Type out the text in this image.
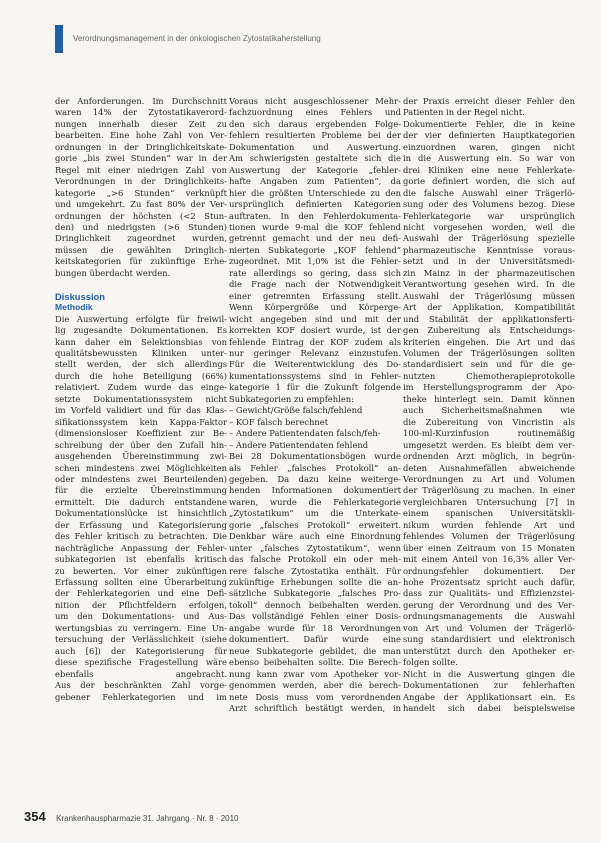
Verordnungsmanagement in der onkologischen Zytostatikaherstellung
der Anforderungen. Im Durchschnitt
waren 14% der Zytostatikaverord-
nungen innerhalb dieser Zeit zu
bearbeiten. Eine hohe Zahl von Ver-
ordnungen in der Dringlichkeitskate-
gorie „bis zwei Stunden“ war in der
Regel mit einer niedrigen Zahl von
Verordnungen in der Dringlichkeits-
kategorie „>6 Stunden“ verknüpft
und umgekehrt. Zu fast 80% der Ver-
ordnungen der höchsten (<2 Stun-
den) und niedrigsten (>6 Stunden)
Dringlichkeit zugeordnet wurden,
müssen die gewählten Dringlich-
keitskategorien für zukünftige Erhe-
bungen überdacht werden.

Diskussion
Methodik
Die Auswertung erfolgte für freiwil-
lig zugesandte Dokumentationen. Es
kann daher ein Selektionsbias von
qualitätsbewussten Kliniken unter-
stellt werden, der sich allerdings
durch die hohe Beteiligung (66%)
relativiert. Zudem wurde das einge-
setzte Dokumentationssystem nicht
im Vorfeld validiert und für das Klas-
sifikationssystem kein Kappa-Faktor
(dimensionsloser Koeffizient zur Be-
schreibung der über den Zufall hin-
ausgehenden Übereinstimmung zwi-
schen mindestens zwei Möglichkeiten
oder mindestens zwei Beurteilenden)
für die erzielte Übereinstimmung
ermittelt. Die dadurch entstandene
Dokumentationslücke ist hinsichtlich
der Erfassung und Kategorisierung
des Fehler kritisch zu betrachten. Die
nachträgliche Anpassung der Fehler-
subkategorien ist ebenfalls kritisch
zu bewerten. Vor einer zukünftigen
Erfassung sollten eine Überarbeitung
der Fehlerkategorien und eine Defi-
nition der Pflichtfeldern erfolgen,
um den Dokumentations- und Aus-
wertungsbias zu verringern. Eine Un-
tersuchung der Verlässlichkeit (siehe
auch [6]) der Kategorisierung für
diese spezifische Fragestellung wäre
ebenfalls angebracht.
Aus der beschränkten Zahl vorge-
gebener Fehlerkategorien und im
Voraus nicht ausgeschlossener Mehr-
fachzuordnung eines Fehlers und
den sich daraus ergebenden Folge-
fehlern resultierten Probleme bei der
Dokumentation und Auswertung.
Am schwierigsten gestaltete sich die
Auswertung der Kategorie „fehler-
hafte Angaben zum Patienten“, da
hier die größten Unterschiede zu den
ursprünglich definierten Kategorien
auftraten. In den Fehlerdokumenta-
tionen wurde 9-mal die KOF fehlend
getrennt gemacht und der neu defi-
nierten Subkategorie „KOF fehlend“
zugeordnet. Mit 1,0% ist die Fehler-
rate allerdings so gering, dass sich
die Frage nach der Notwendigkeit
einer getrennten Erfassung stellt.
Wenn Körpergröße und Körperge-
wicht angegeben sind und mit der
korrekten KOF dosiert wurde, ist der
fehlende Eintrag der KOF zudem als
nur geringer Relevanz einzustufen.
Für die Weiterentwicklung des Do-
kumentationssystems sind in Fehler-
kategorie 1 für die Zukunft folgende
Subkategorien zu empfehlen:
– Gewicht/Größe falsch/fehlend
– KOF falsch berechnet
– Andere Patientendaten falsch/feh-
– Andere Patientendaten fehlend
Bei 28 Dokumentationsbögen wurde
als Fehler „falsches Protokoll“ an-
gegeben. Da dazu keine weiterge-
henden Informationen dokumentiert
waren, wurde die Fehlerkategorie
„Zytostatikum“ um die Unterkate-
gorie „falsches Protokoll“ erweitert.
Denkbar wäre auch eine Einordnung
unter „falsches Zytostatikum“, wenn
das falsche Protokoll ein oder meh-
rere falsche Zytostatika enthält. Für
zukünftige Erhebungen sollte die an-
sätzliche Subkategorie „falsches Pro-
tokoll“ dennoch beibehalten werden.
Das vollständige Fehlen einer Dosis-
angabe wurde für 18 Verordnungen
dokumentiert. Dafür wurde eine
neue Subkategorie gebildet, die man
ebenso beibehalten sollte. Die Berech-
nung kann zwar vom Apotheker vor-
genommen werden, aber die berech-
nete Dosis muss vom verordnenden
Arzt schriftlich bestätigt werden, in
der Praxis erreicht dieser Fehler den
Patienten in der Regel nicht.
Dokumentierte Fehler, die in keine
der vier definierten Hauptkategorien
einzuordnen waren, gingen nicht
in die Auswertung ein. So war von
drei Kliniken eine neue Fehlerkate-
gorie definiert worden, die sich auf
die falsche Auswahl einer Trägerlö-
sung oder des Volumens bezog. Diese
Fehlerkategorie war ursprünglich
nicht vorgesehen worden, weil die
Auswahl der Trägerlösung spezielle
pharmazeutische Kenntnisse voraus-
setzt und in der Universitätsmedi-
zin Mainz in der pharmazeutischen
Verantwortung gesehen wird. In die
Auswahl der Trägerlösung müssen
Art der Applikation, Kompatibilität
und Stabilität der applikationsferti-
gen Zubereitung als Entscheidungs-
kriterien eingehen. Die Art und das
Volumen der Trägerlösungen sollten
standardisiert sein und für die ge-
nutzten Chemotherapieprotokolle
im Herstellungsprogramm der Apo-
theke hinterlegt sein. Damit können
auch Sicherheitsmaßnahmen wie
die Zubereitung von Vincristin als
100-ml-Kurzinfusion routinemäßig
umgesetzt werden. Es bleibt dem ver-
ordnenden Arzt möglich, in begrün-
deten Ausnahmefällen abweichende
Verordnungen zu Art und Volumen
der Trägerlösung zu machen. In einer
vergleichbaren Untersuchung [7] in
einem spanischen Universitätskli-
nikum wurden fehlende Art und
fehlendes Volumen der Trägerlösung
über einen Zeitraum von 15 Monaten
mit einem Anteil von 16,3% aller Ver-
ordnungsfehler dokumentiert. Der
hohe Prozentsatz spricht auch dafür,
dass zur Qualitäts- und Effizienzstei-
gerung der Verordnung und des Ver-
ordnungsmanagements die Auswahl
von Art und Volumen der Trägerlö-
sung standardisiert und elektronisch
unterstützt durch den Apotheker er-
folgen sollte.
Nicht in die Auswertung gingen die
Dokumentationen zur fehlerhaften
Angabe der Applikationsart ein. Es
handelt sich dabei beispielsweise
354 Krankenhauspharmazie 31. Jahrgang · Nr. 8 · 2010
